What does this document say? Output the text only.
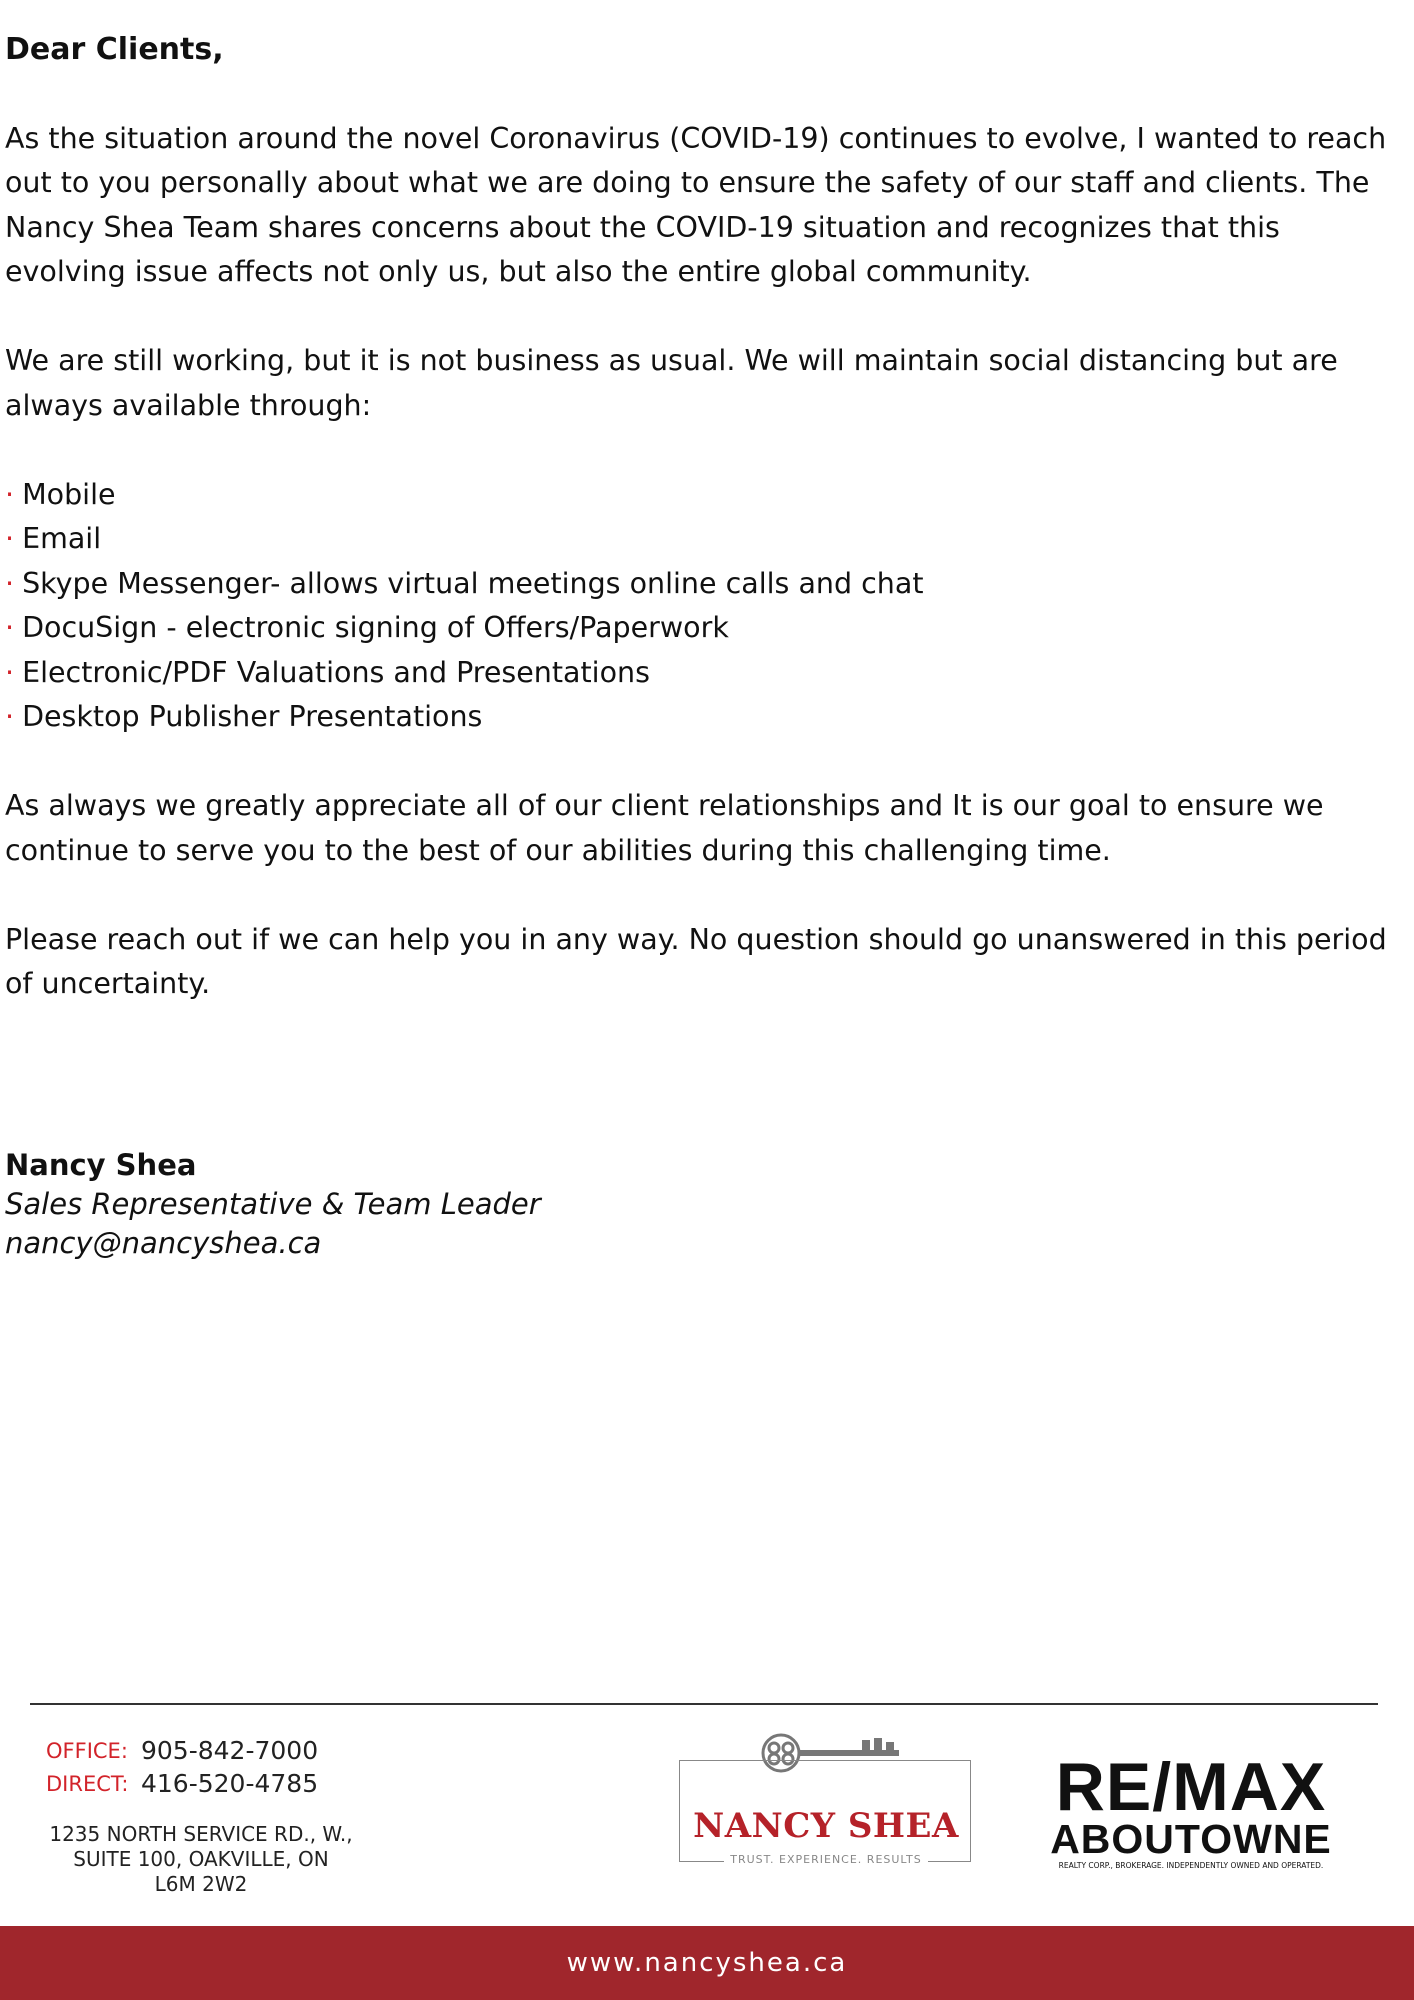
Dear Clients,

As the situation around the novel Coronavirus (COVID-19) continues to evolve, I wanted to reach out to you personally about what we are doing to ensure the safety of our staff and clients. The Nancy Shea Team shares concerns about the COVID-19 situation and recognizes that this evolving issue affects not only us, but also the entire global community.

We are still working, but it is not business as usual. We will maintain social distancing but are always available through:

· Mobile
· Email
· Skype Messenger- allows virtual meetings online calls and chat
· DocuSign - electronic signing of Offers/Paperwork
· Electronic/PDF Valuations and Presentations
· Desktop Publisher Presentations

As always we greatly appreciate all of our client relationships and It is our goal to ensure we continue to serve you to the best of our abilities during this challenging time.

Please reach out if we can help you in any way. No question should go unanswered in this period of uncertainty.

Nancy Shea
Sales Representative & Team Leader
nancy@nancyshea.ca
OFFICE: 905-842-7000
DIRECT: 416-520-4785
1235 NORTH SERVICE RD., W.,
SUITE 100, OAKVILLE, ON
L6M 2W2
NANCY SHEA
TRUST. EXPERIENCE. RESULTS
RE/MAX
ABOUTOWNE
REALTY CORP., BROKERAGE. INDEPENDENTLY OWNED AND OPERATED.
www.nancyshea.ca
